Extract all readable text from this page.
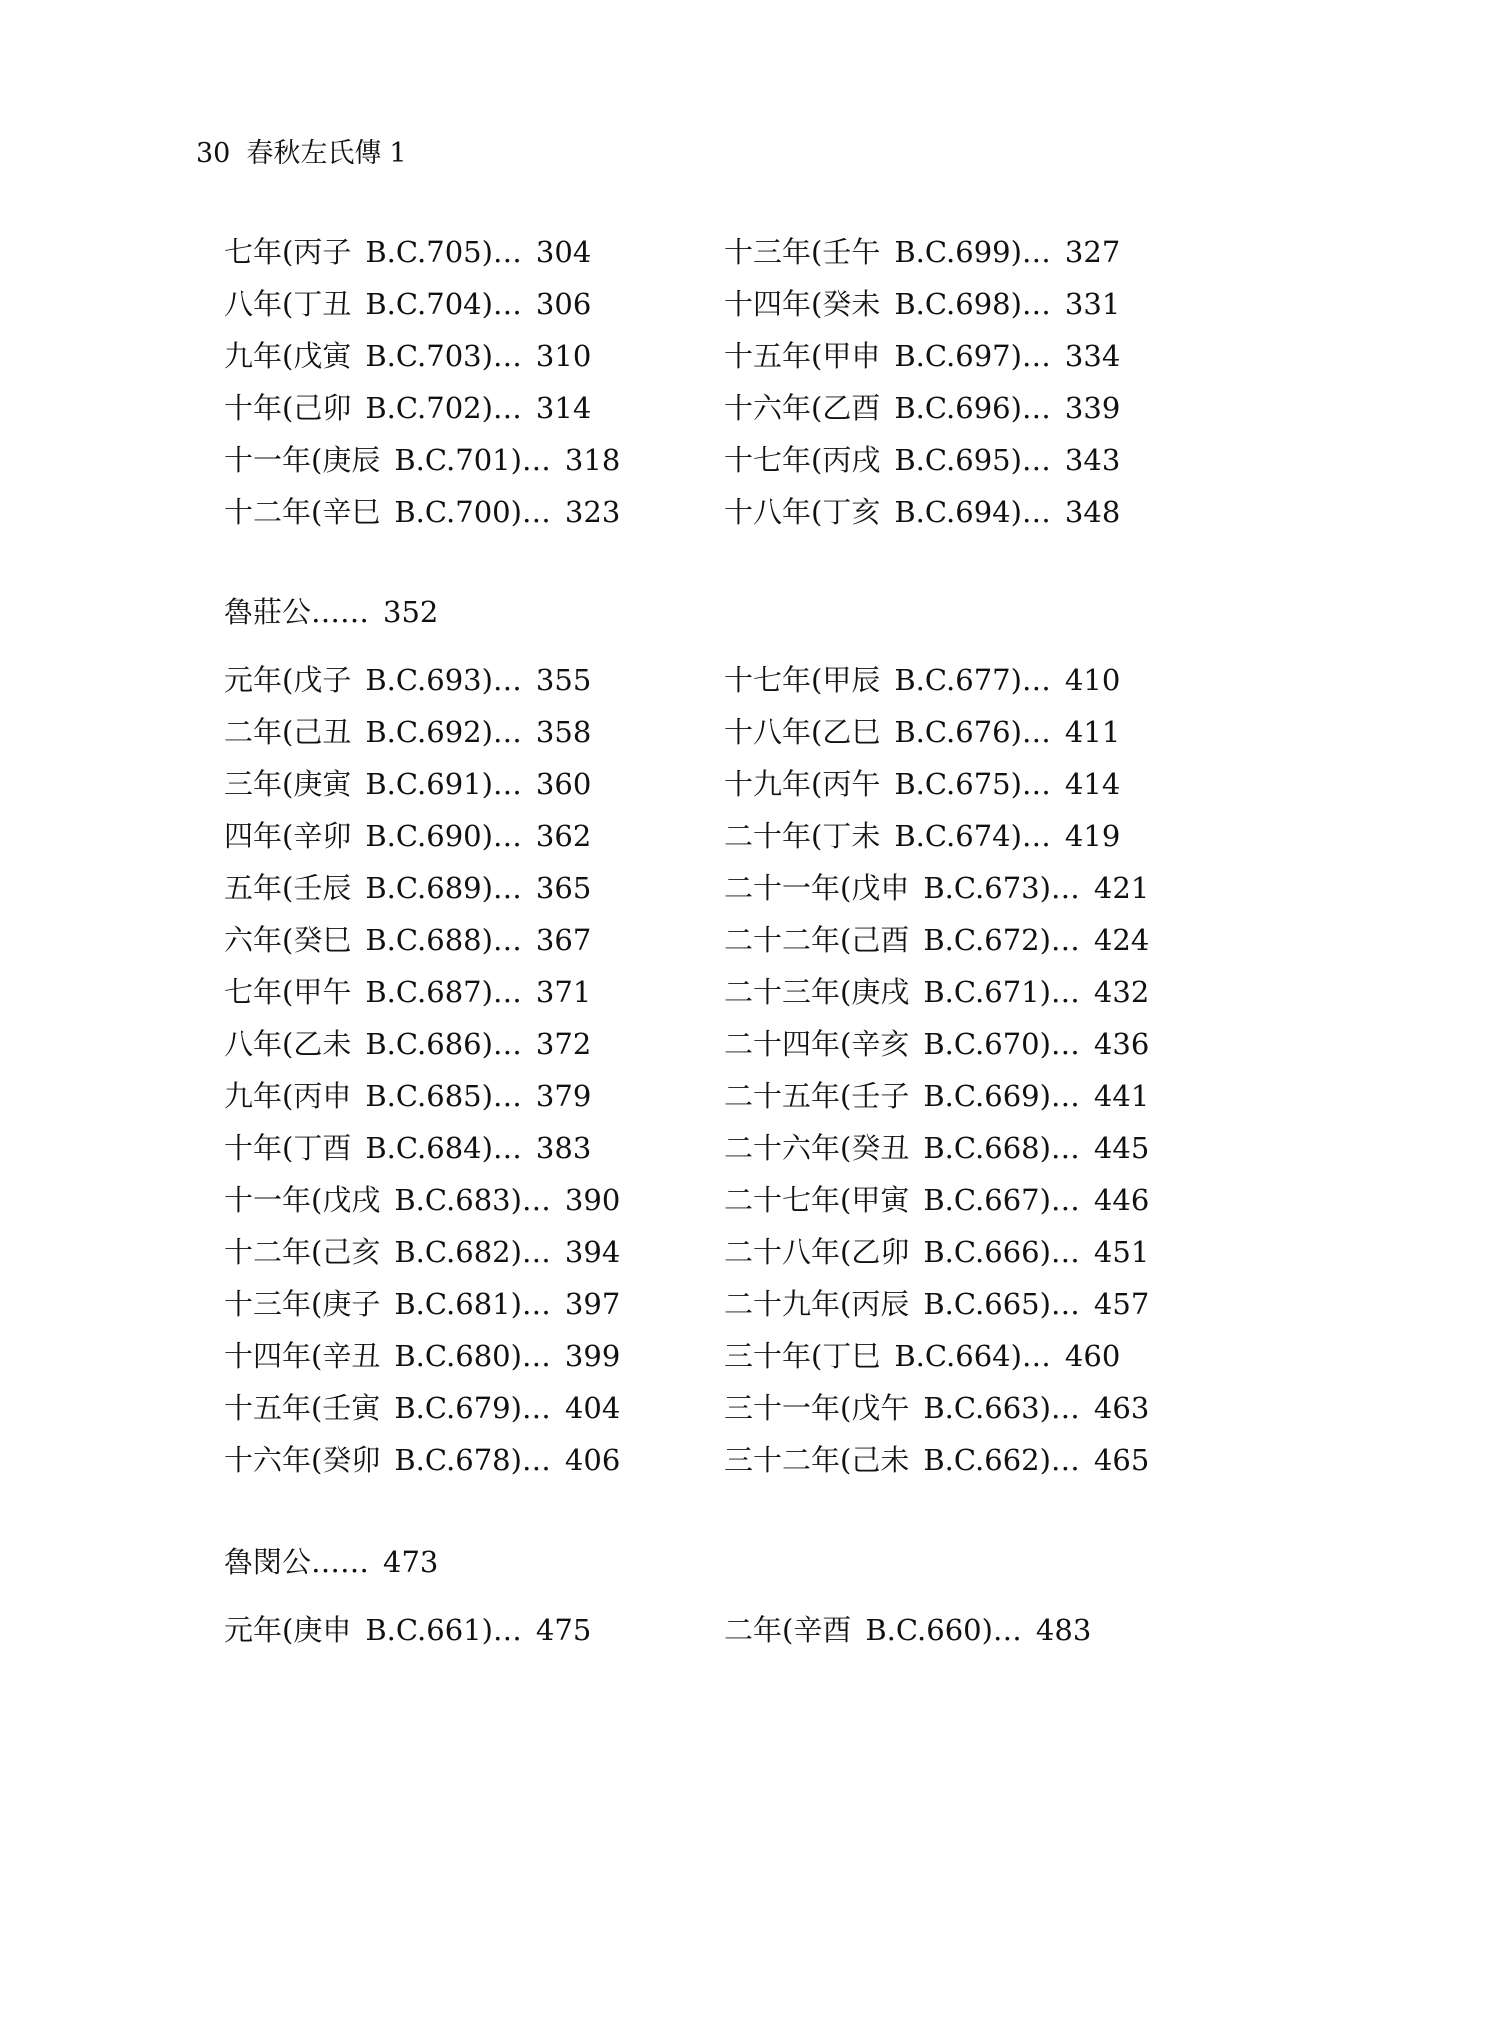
30 春秋左氏傳 1
七年(丙子 B.C.705)… 304
八年(丁丑 B.C.704)… 306
九年(戊寅 B.C.703)… 310
十年(己卯 B.C.702)… 314
十一年(庚辰 B.C.701)… 318
十二年(辛巳 B.C.700)… 323
十三年(壬午 B.C.699)… 327
十四年(癸未 B.C.698)… 331
十五年(甲申 B.C.697)… 334
十六年(乙酉 B.C.696)… 339
十七年(丙戌 B.C.695)… 343
十八年(丁亥 B.C.694)… 348
魯莊公…… 352
元年(戊子 B.C.693)… 355
二年(己丑 B.C.692)… 358
三年(庚寅 B.C.691)… 360
四年(辛卯 B.C.690)… 362
五年(壬辰 B.C.689)… 365
六年(癸巳 B.C.688)… 367
七年(甲午 B.C.687)… 371
八年(乙未 B.C.686)… 372
九年(丙申 B.C.685)… 379
十年(丁酉 B.C.684)… 383
十一年(戊戌 B.C.683)… 390
十二年(己亥 B.C.682)… 394
十三年(庚子 B.C.681)… 397
十四年(辛丑 B.C.680)… 399
十五年(壬寅 B.C.679)… 404
十六年(癸卯 B.C.678)… 406
十七年(甲辰 B.C.677)… 410
十八年(乙巳 B.C.676)… 411
十九年(丙午 B.C.675)… 414
二十年(丁未 B.C.674)… 419
二十一年(戊申 B.C.673)… 421
二十二年(己酉 B.C.672)… 424
二十三年(庚戌 B.C.671)… 432
二十四年(辛亥 B.C.670)… 436
二十五年(壬子 B.C.669)… 441
二十六年(癸丑 B.C.668)… 445
二十七年(甲寅 B.C.667)… 446
二十八年(乙卯 B.C.666)… 451
二十九年(丙辰 B.C.665)… 457
三十年(丁巳 B.C.664)… 460
三十一年(戊午 B.C.663)… 463
三十二年(己未 B.C.662)… 465
魯閔公…… 473
元年(庚申 B.C.661)… 475	二年(辛酉 B.C.660)… 483
